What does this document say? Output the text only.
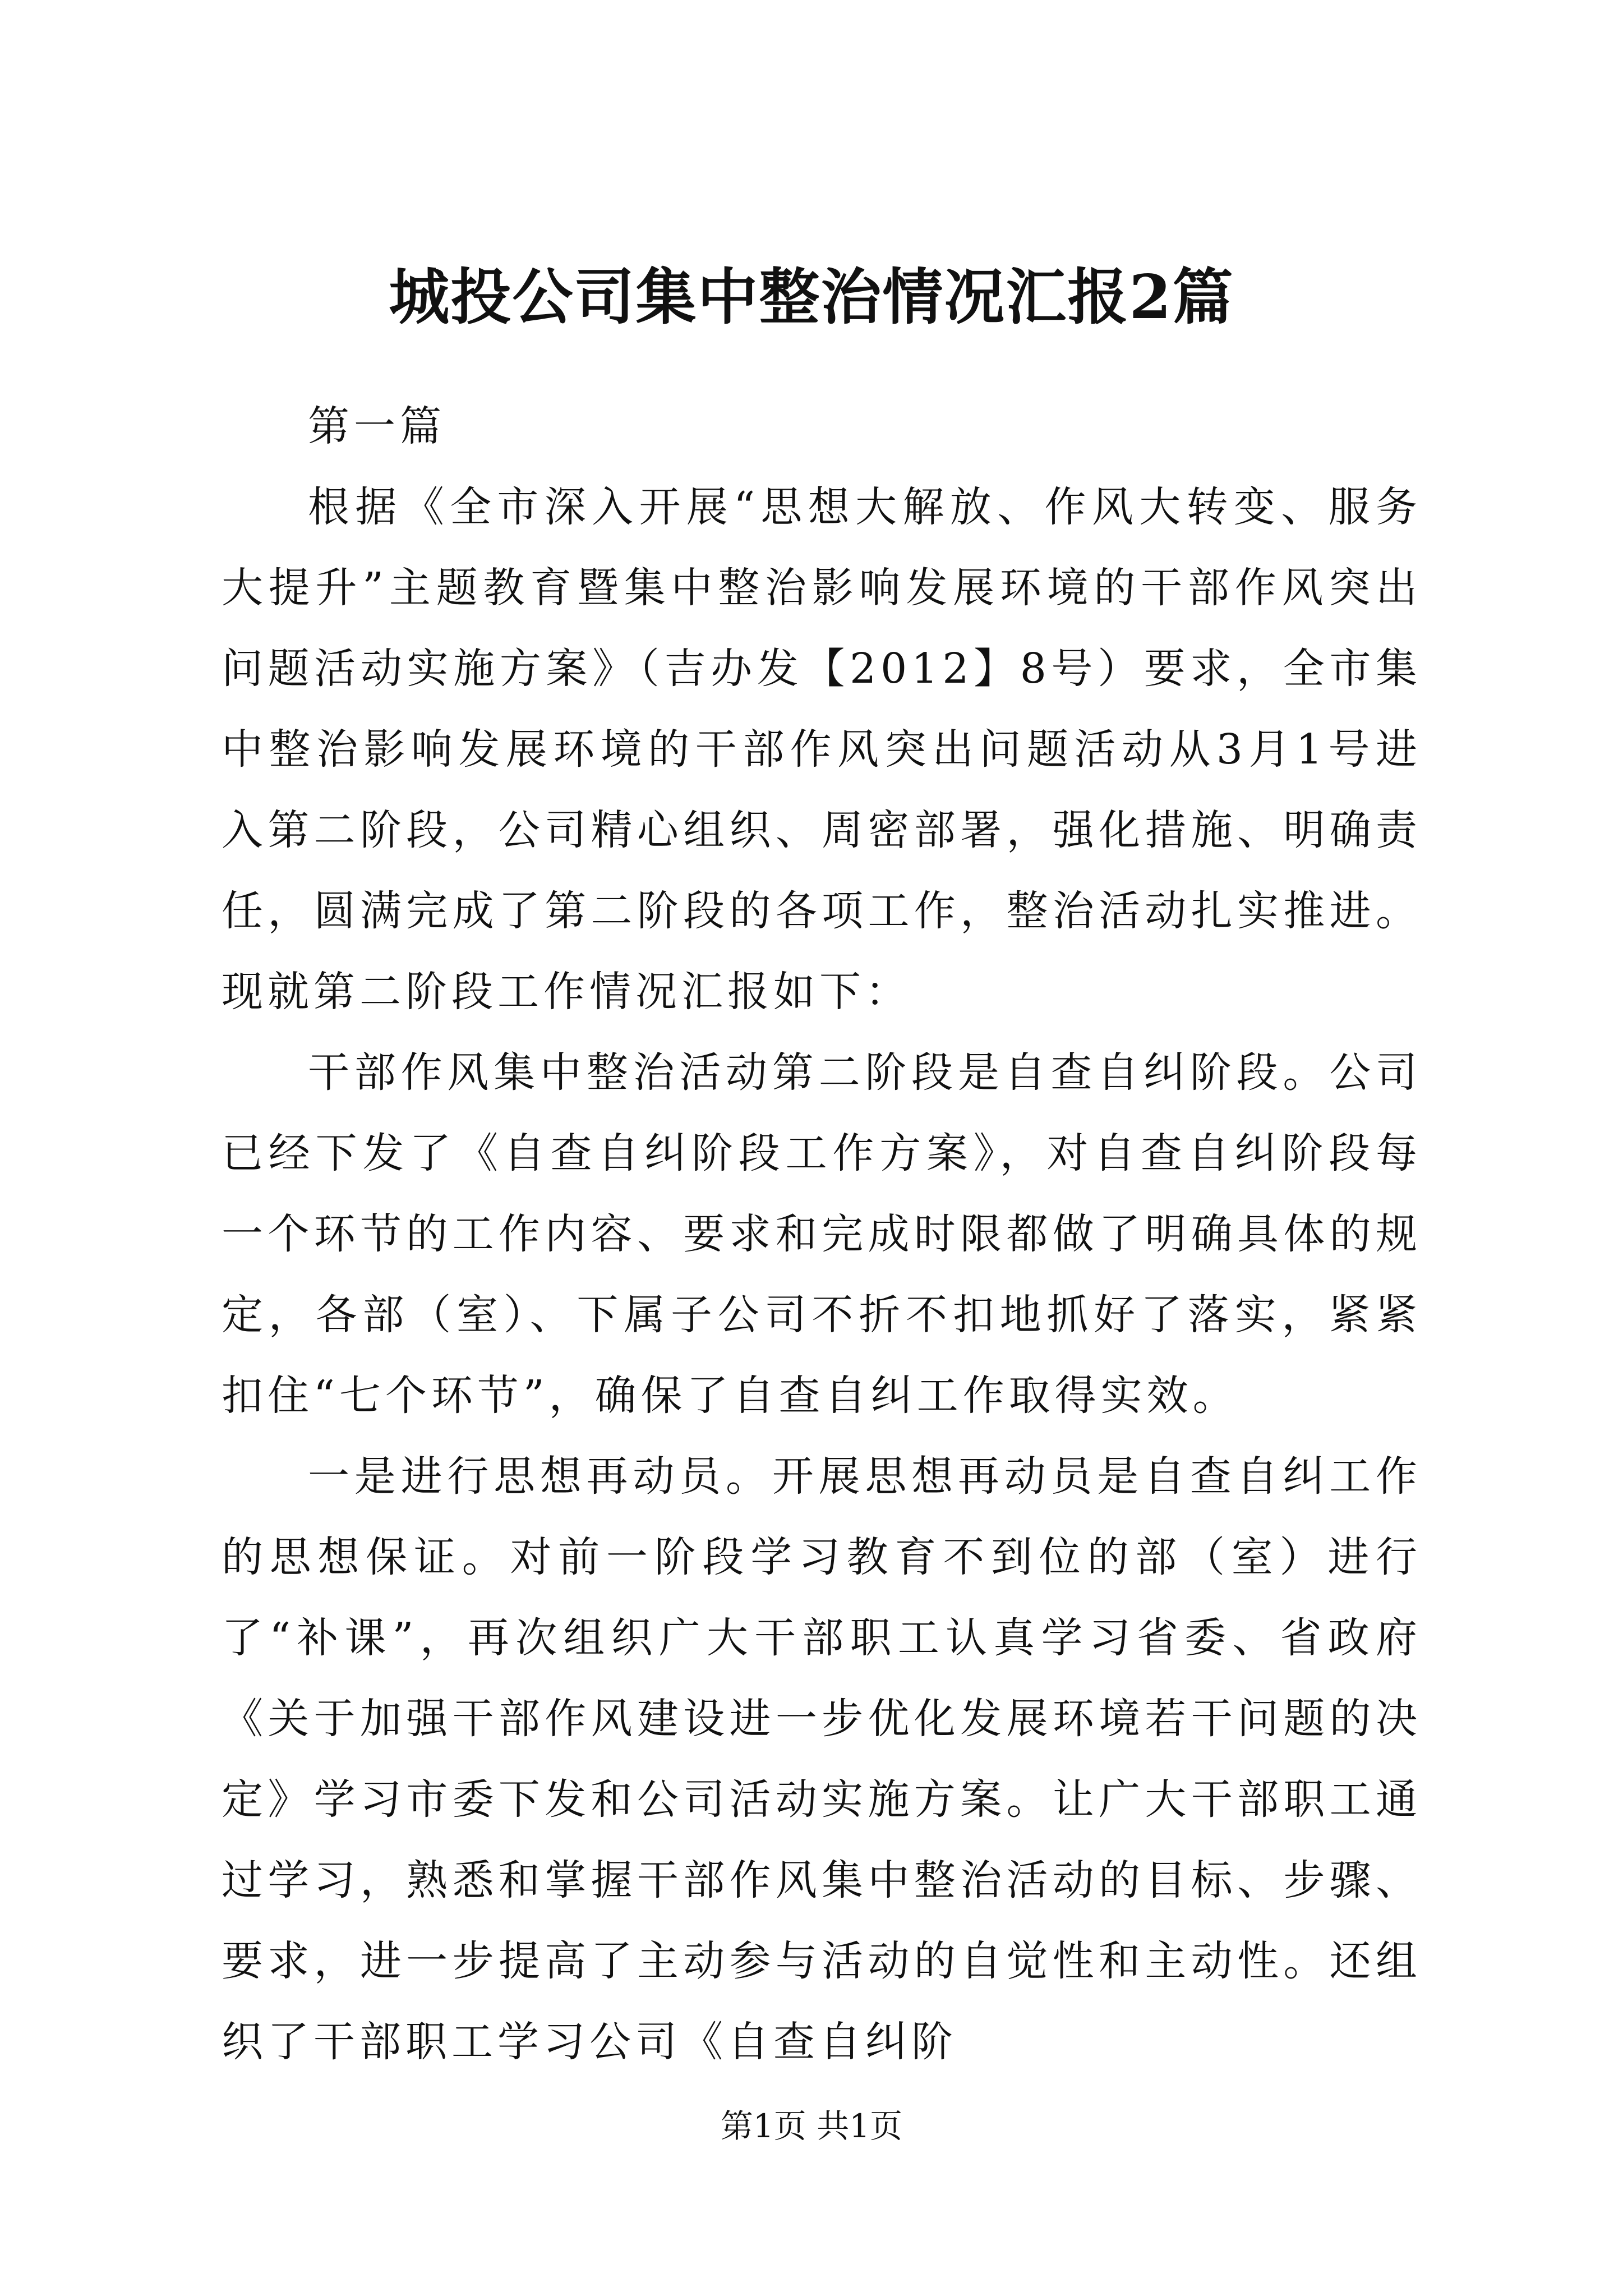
城投公司集中整治情况汇报2篇

第一篇

根据《全市深入开展“思想大解放、作风大转变、服务大提升”主题教育暨集中整治影响发展环境的干部作风突出问题活动实施方案》（吉办发【2012】8号）要求，全市集中整治影响发展环境的干部作风突出问题活动从3月1号进入第二阶段，公司精心组织、周密部署，强化措施、明确责任，圆满完成了第二阶段的各项工作，整治活动扎实推进。现就第二阶段工作情况汇报如下：

干部作风集中整治活动第二阶段是自查自纠阶段。公司已经下发了《自查自纠阶段工作方案》，对自查自纠阶段每一个环节的工作内容、要求和完成时限都做了明确具体的规定，各部（室）、下属子公司不折不扣地抓好了落实，紧紧扣住“七个环节”，确保了自查自纠工作取得实效。

一是进行思想再动员。开展思想再动员是自查自纠工作的思想保证。对前一阶段学习教育不到位的部（室）进行了“补课”，再次组织广大干部职工认真学习省委、省政府《关于加强干部作风建设进一步优化发展环境若干问题的决定》学习市委下发和公司活动实施方案。让广大干部职工通过学习，熟悉和掌握干部作风集中整治活动的目标、步骤、要求，进一步提高了主动参与活动的自觉性和主动性。还组织了干部职工学习公司《自查自纠阶

第1页 共1页
